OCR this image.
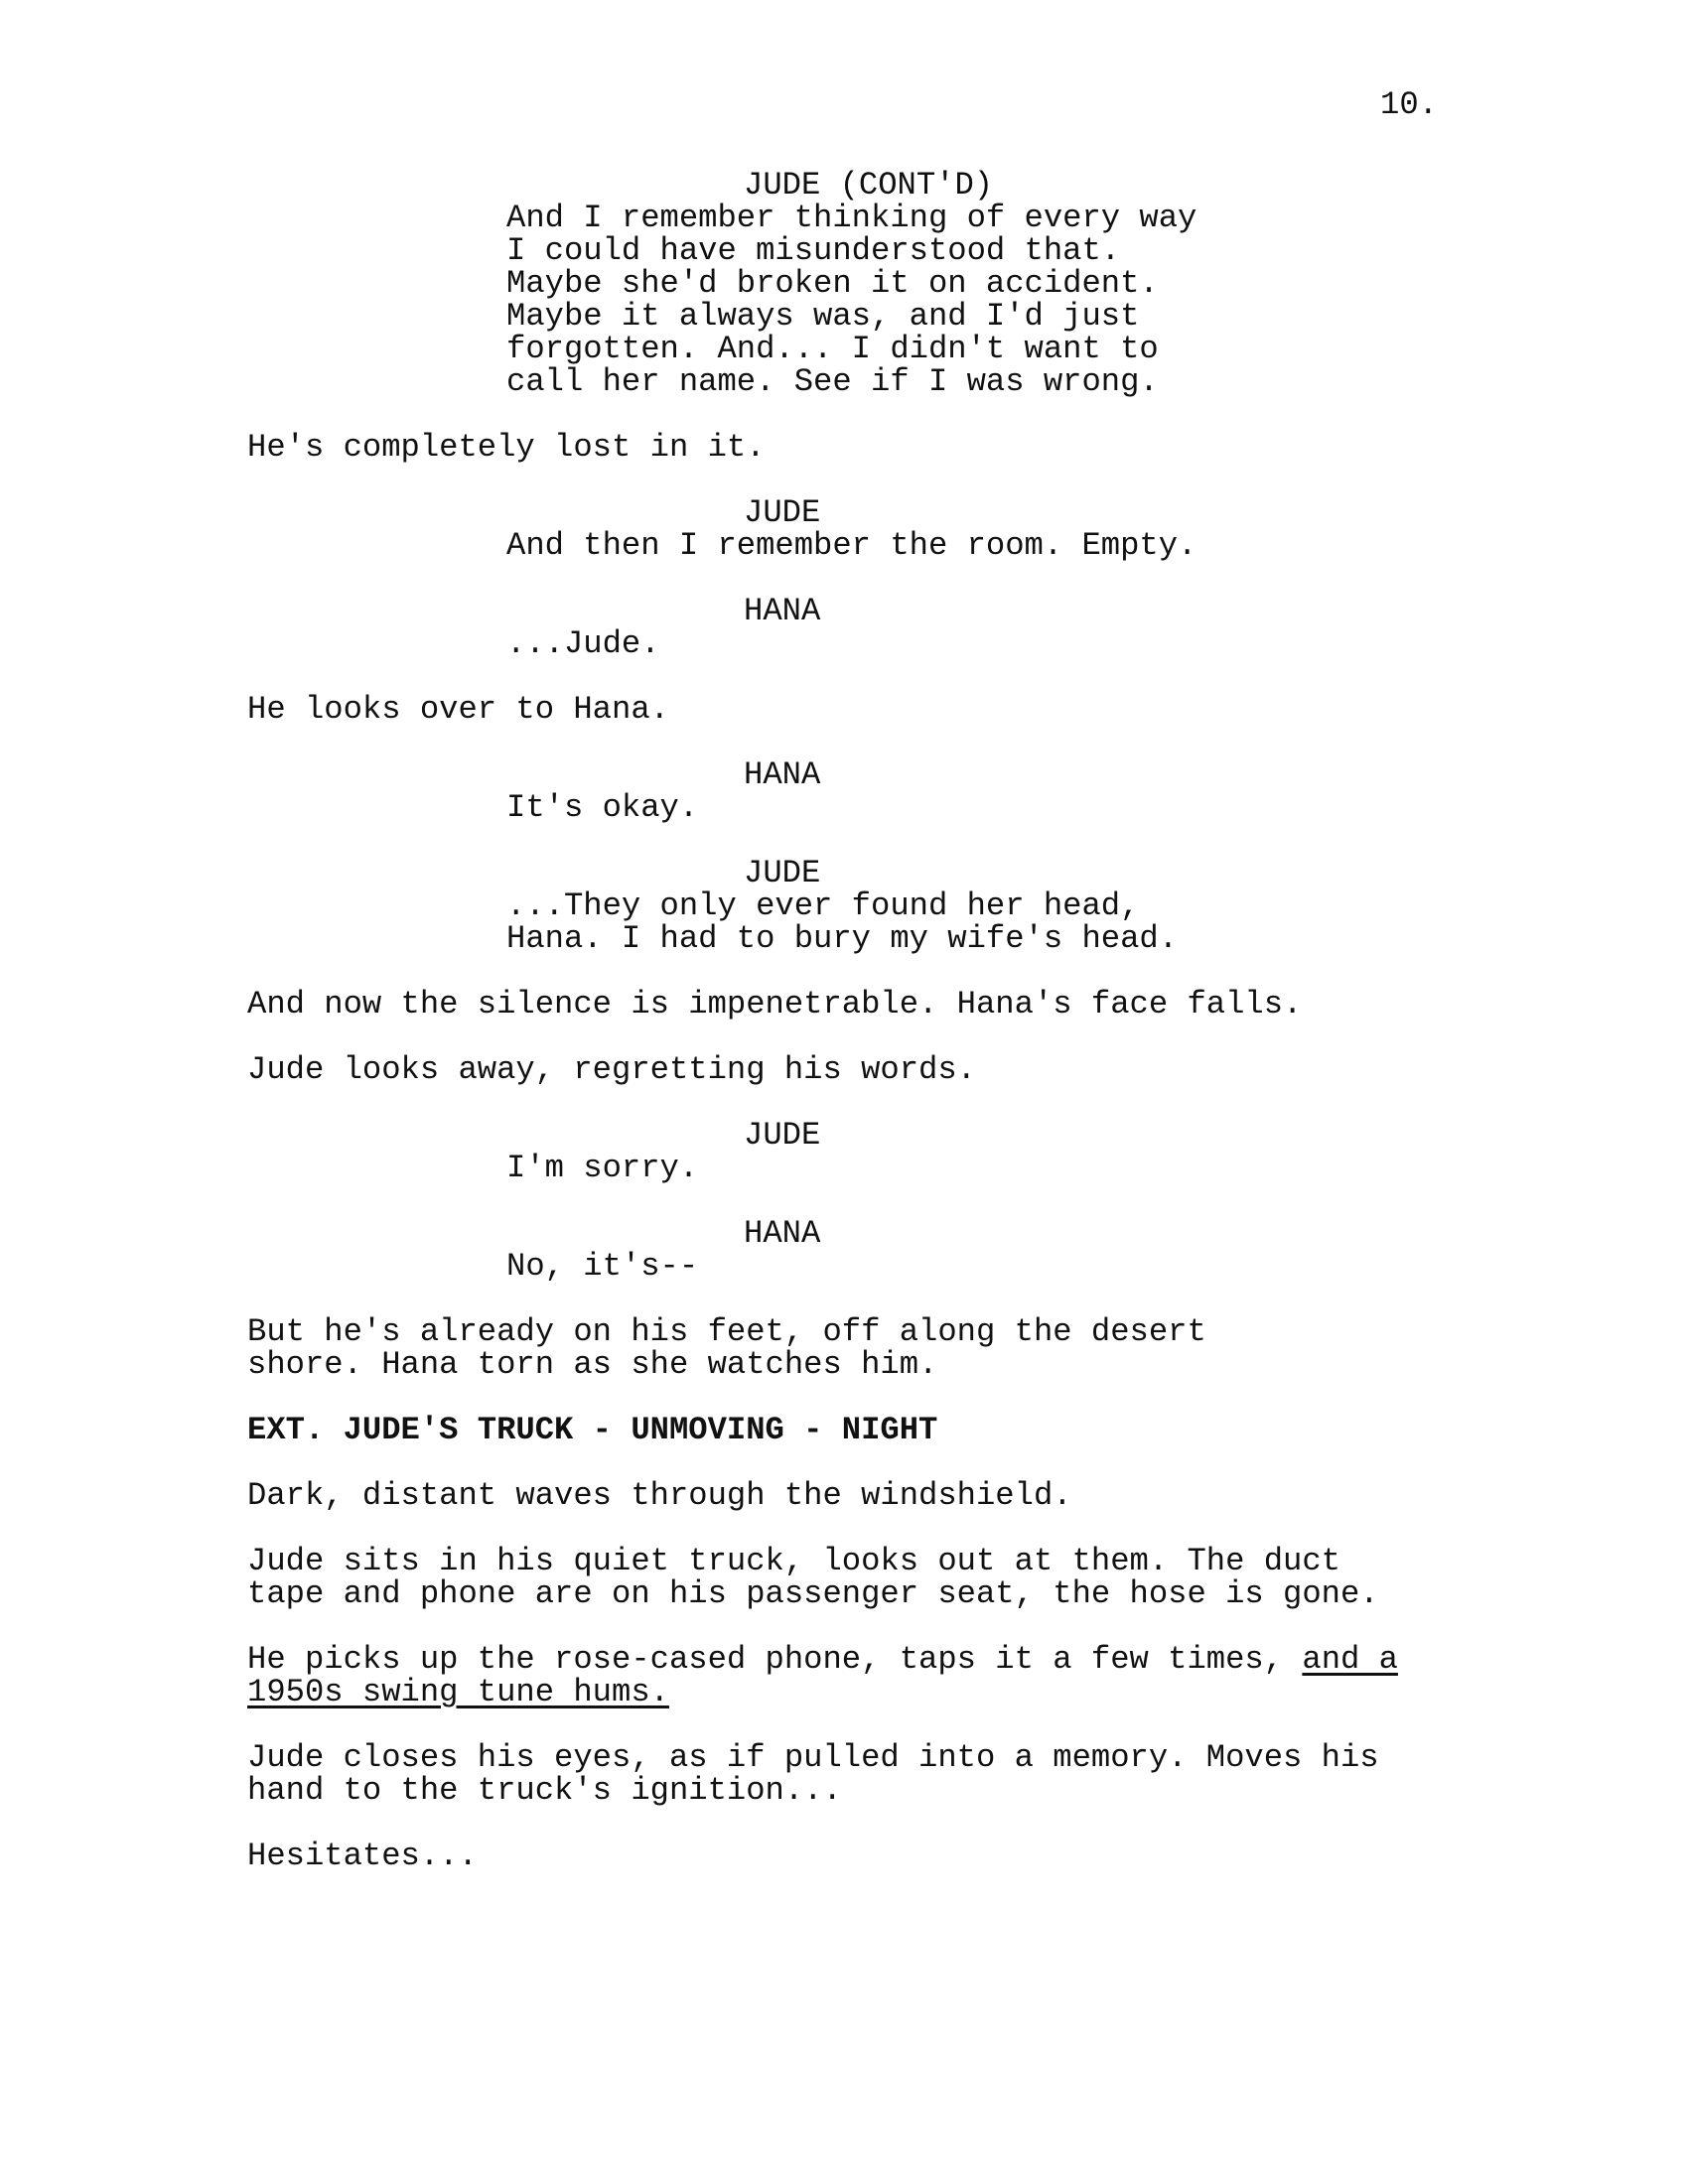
10.
JUDE (CONT'D)
And I remember thinking of every way
I could have misunderstood that.
Maybe she'd broken it on accident.
Maybe it always was, and I'd just
forgotten. And... I didn't want to
call her name. See if I was wrong.
He's completely lost in it.
JUDE
And then I remember the room. Empty.
HANA
...Jude.
He looks over to Hana.
HANA
It's okay.
JUDE
...They only ever found her head,
Hana. I had to bury my wife's head.
And now the silence is impenetrable. Hana's face falls.
Jude looks away, regretting his words.
JUDE
I'm sorry.
HANA
No, it's--
But he's already on his feet, off along the desert
shore. Hana torn as she watches him.
EXT. JUDE'S TRUCK - UNMOVING - NIGHT
Dark, distant waves through the windshield.
Jude sits in his quiet truck, looks out at them. The duct
tape and phone are on his passenger seat, the hose is gone.
He picks up the rose-cased phone, taps it a few times, and a
1950s swing tune hums.
Jude closes his eyes, as if pulled into a memory. Moves his
hand to the truck's ignition...
Hesitates...
